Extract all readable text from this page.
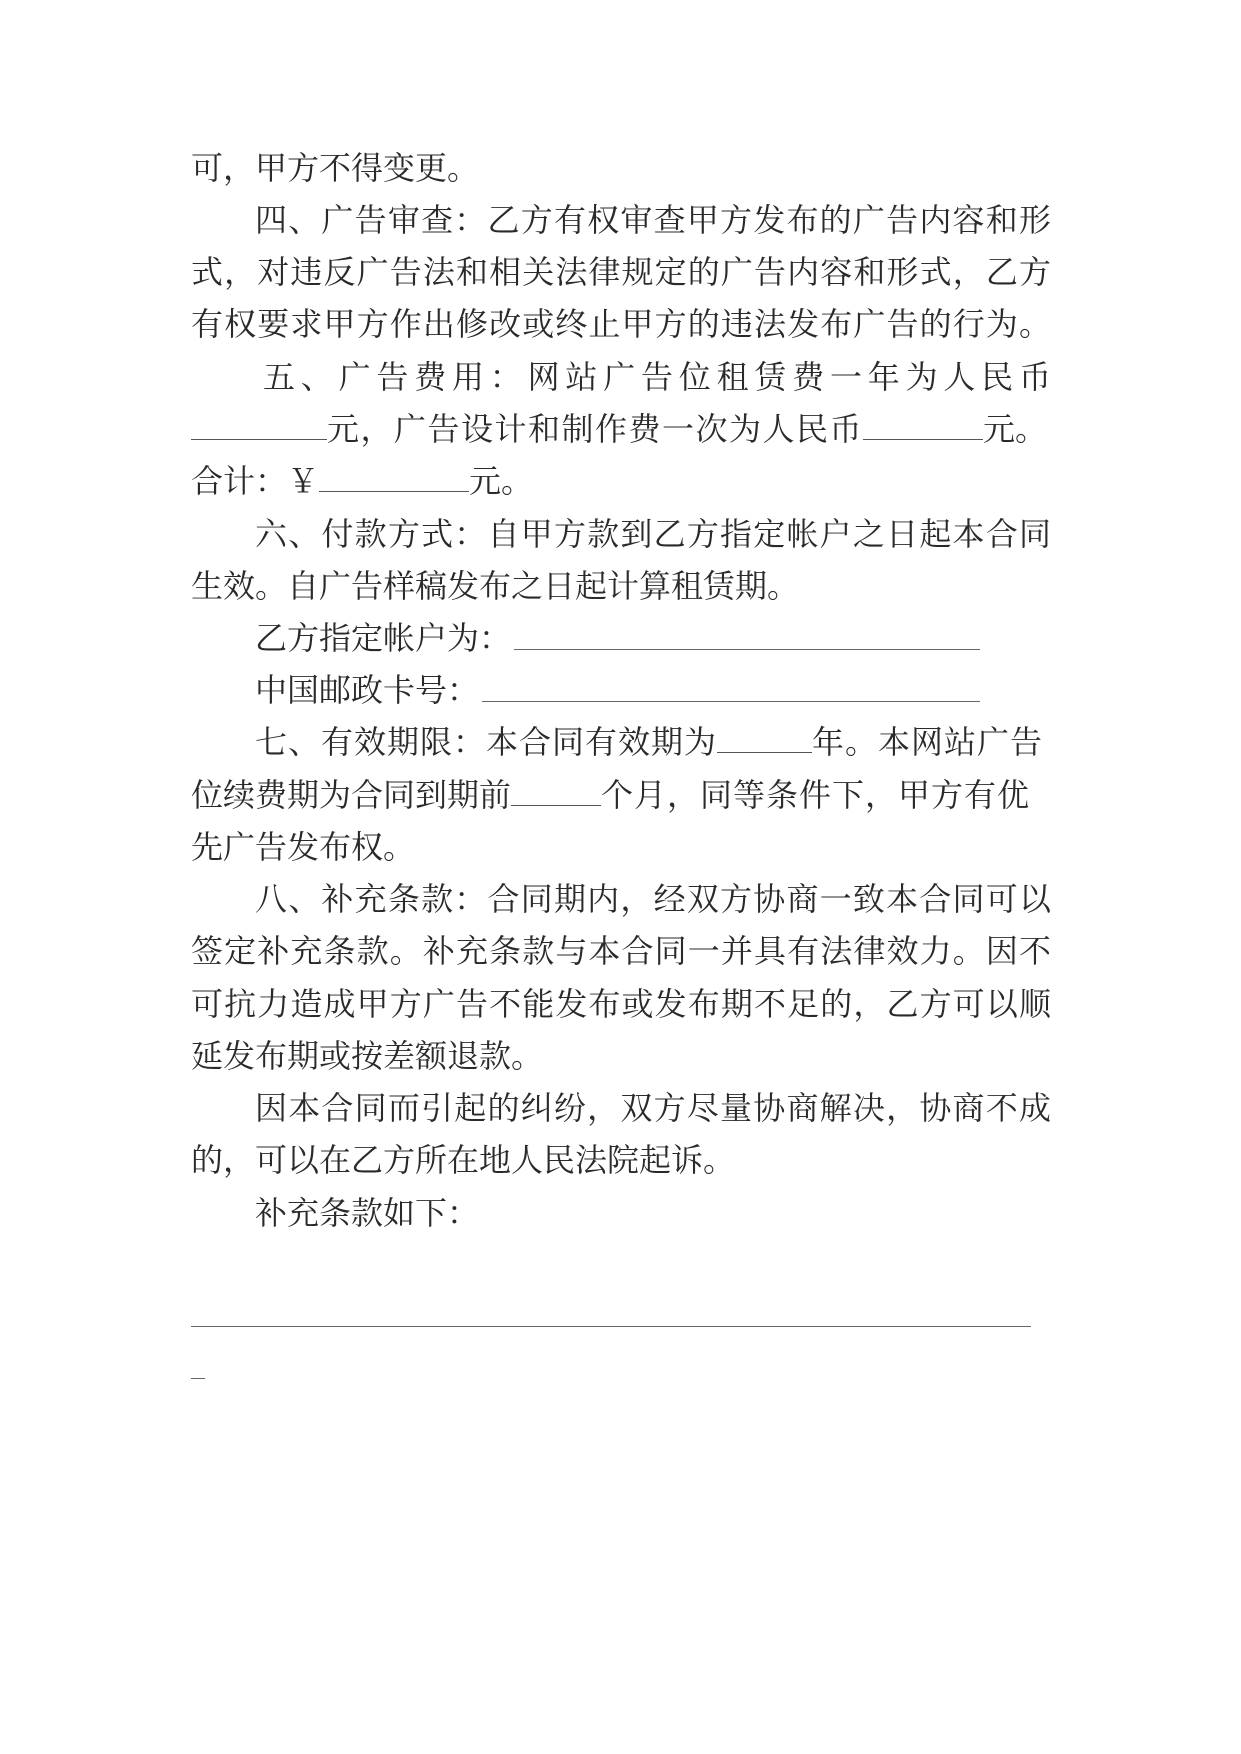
可，甲方不得变更。
四、广告审查：乙方有权审查甲方发布的广告内容和形
式，对违反广告法和相关法律规定的广告内容和形式，乙方
有权要求甲方作出修改或终止甲方的违法发布广告的行为。
五、广告费用：网站广告位租赁费一年为人民币
元，广告设计和制作费一次为人民币	元。
合计：￥	元。
六、付款方式：自甲方款到乙方指定帐户之日起本合同
生效。自广告样稿发布之日起计算租赁期。
乙方指定帐户为：
中国邮政卡号：
七、有效期限：本合同有效期为	年。本网站广告
位续费期为合同到期前	个月，同等条件下，甲方有优
先广告发布权。
八、补充条款：合同期内，经双方协商一致本合同可以
签定补充条款。补充条款与本合同一并具有法律效力。因不
可抗力造成甲方广告不能发布或发布期不足的，乙方可以顺
延发布期或按差额退款。
因本合同而引起的纠纷，双方尽量协商解决，协商不成
的，可以在乙方所在地人民法院起诉。
补充条款如下：
